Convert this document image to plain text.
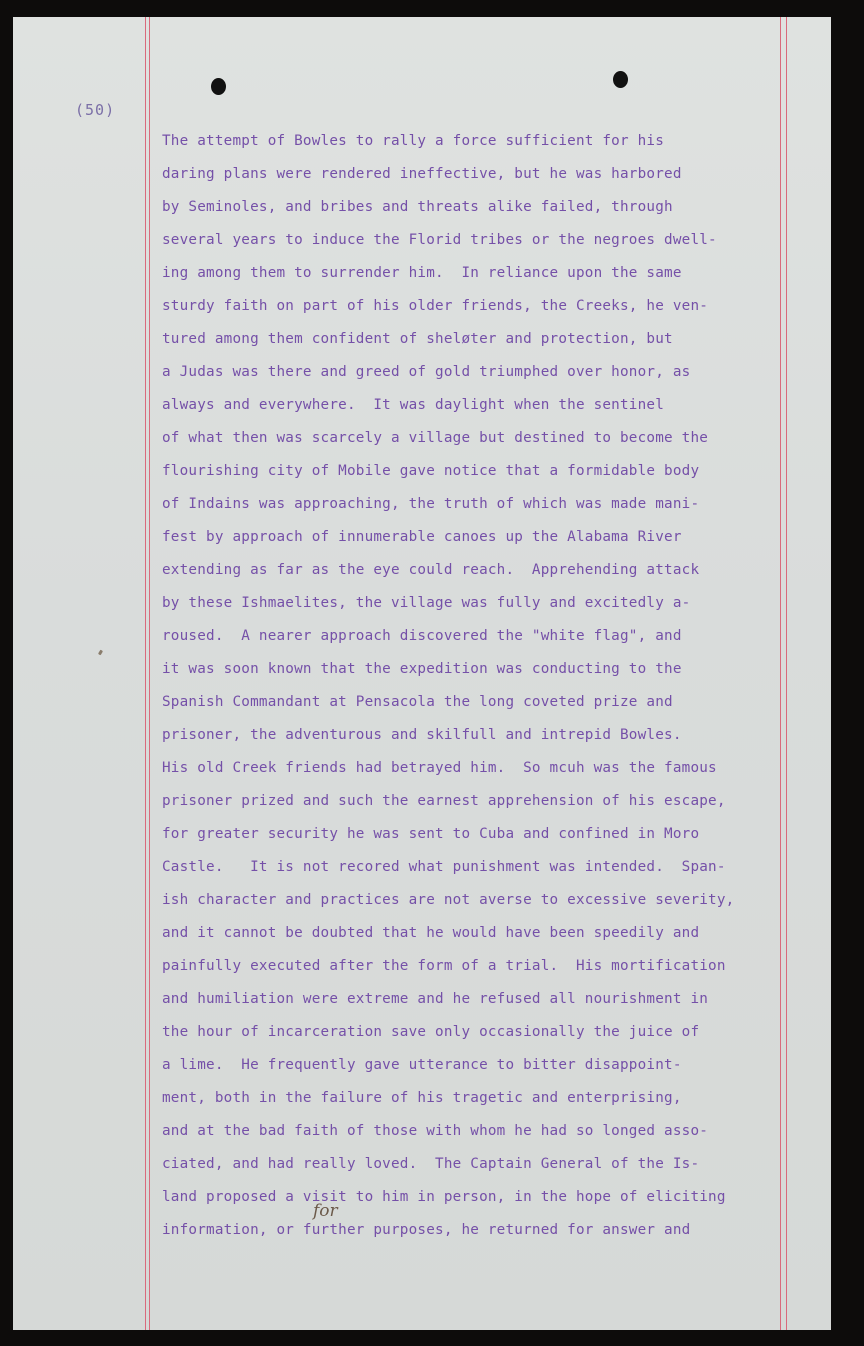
(50)
The attempt of Bowles to rally a force sufficient for his
daring plans were rendered ineffective, but he was harbored
by Seminoles, and bribes and threats alike failed, through
several years to induce the Florid tribes or the negroes dwell-
ing among them to surrender him.  In reliance upon the same
sturdy faith on part of his older friends, the Creeks, he ven-
tured among them confident of sheløter and protection, but
a Judas was there and greed of gold triumphed over honor, as
always and everywhere.  It was daylight when the sentinel
of what then was scarcely a village but destined to become the
flourishing city of Mobile gave notice that a formidable body
of Indains was approaching, the truth of which was made mani-
fest by approach of innumerable canoes up the Alabama River
extending as far as the eye could reach.  Apprehending attack
by these Ishmaelites, the village was fully and excitedly a-
roused.  A nearer approach discovered the "white flag", and
it was soon known that the expedition was conducting to the
Spanish Commandant at Pensacola the long coveted prize and
prisoner, the adventurous and skilfull and intrepid Bowles.
His old Creek friends had betrayed him.  So mcuh was the famous
prisoner prized and such the earnest apprehension of his escape,
for greater security he was sent to Cuba and confined in Moro
Castle.   It is not recored what punishment was intended.  Span-
ish character and practices are not averse to excessive severity,
and it cannot be doubted that he would have been speedily and
painfully executed after the form of a trial.  His mortification
and humiliation were extreme and he refused all nourishment in
the hour of incarceration save only occasionally the juice of
a lime.  He frequently gave utterance to bitter disappoint-
ment, both in the failure of his tragetic and enterprising,
and at the bad faith of those with whom he had so longed asso-
ciated, and had really loved.  The Captain General of the Is-
land proposed a visit to him in person, in the hope of eliciting
information, or further purposes, he returned for answer and
for
